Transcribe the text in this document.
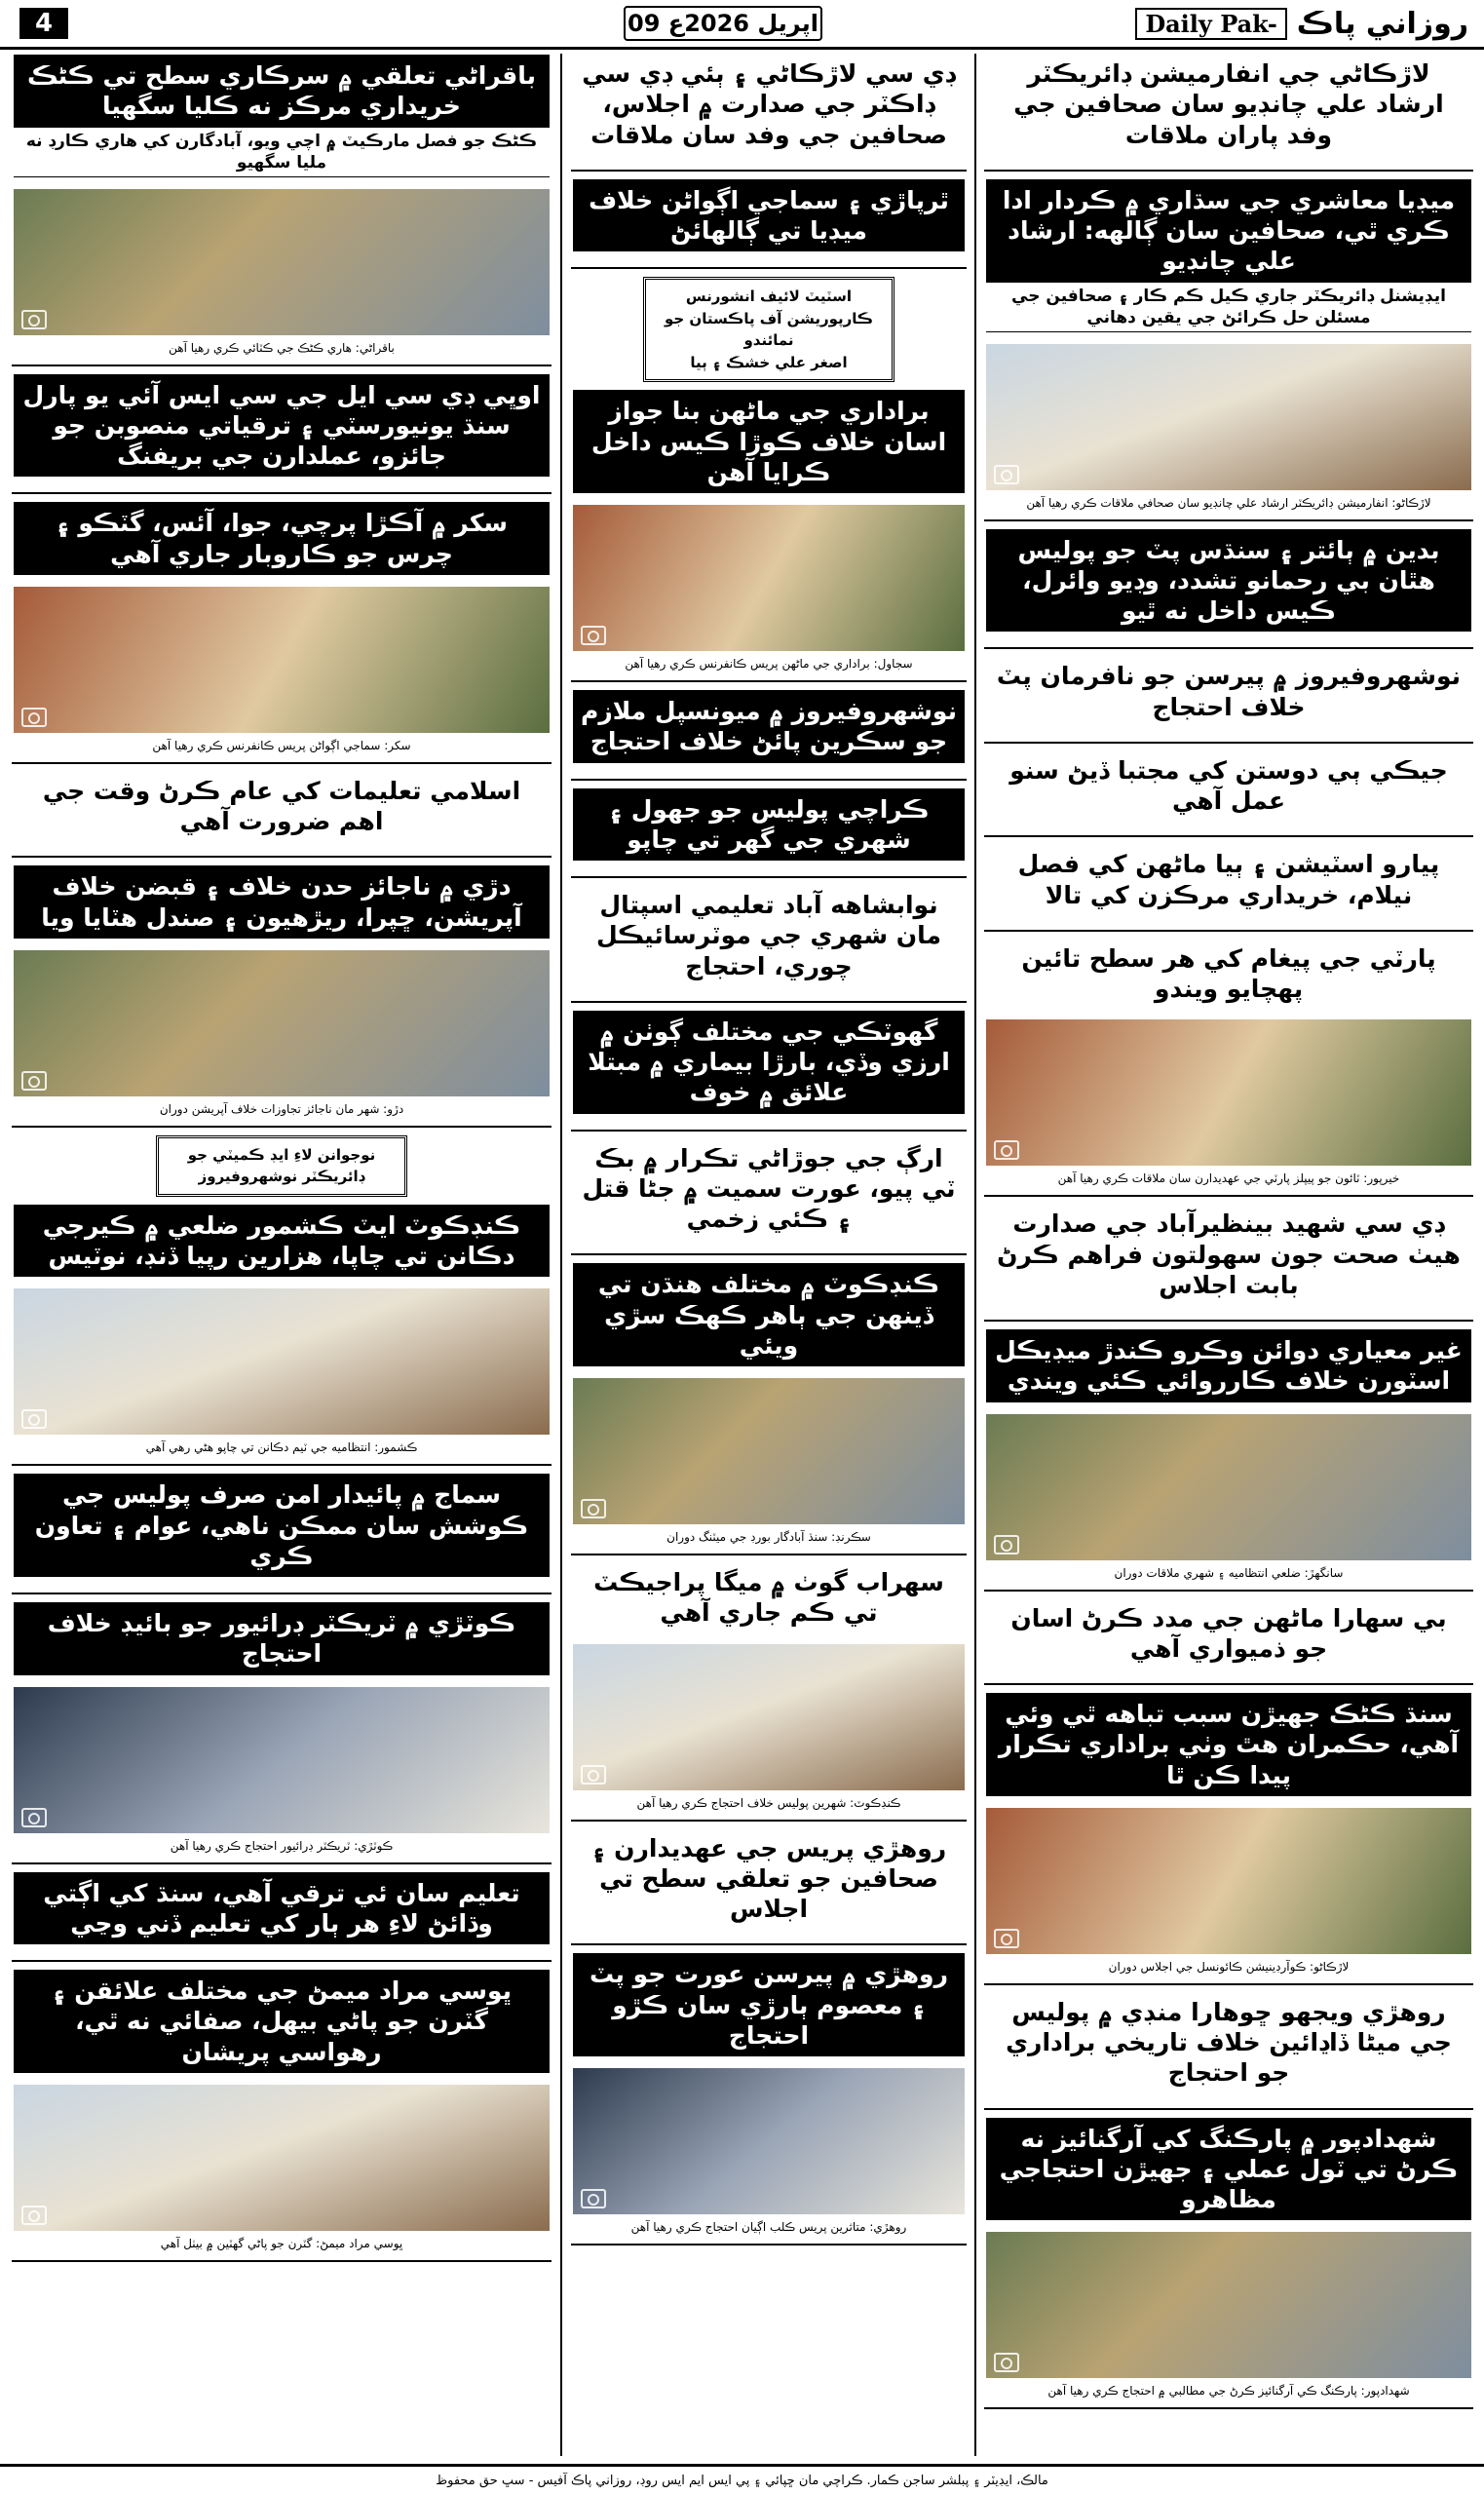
4	09 اپريل 2026ع	Daily Pak- روزاني پاڪ
باقراڻي تعلقي ۾ سرڪاري سطح تي ڪڻڪ خريداري مرڪز نه ڪليا سگهيا
ڪڻڪ جو فصل مارڪيٽ ۾ اچي ويو، آبادگارن کي هاري ڪارڊ نه مليا سگهيو
باقراڻي: هاري ڪڻڪ جي ڪٽائي ڪري رهيا آهن
اوڀي ڊي سي ايل جي سي ايس آئي يو پارل سنڌ يونيورسٽي ۽ ترقياتي منصوبن جو جائزو، عملدارن جي بريفنگ
سکر ۾ آڪڙا پرچي، جوا، آئس، گٽڪو ۽ چرس جو ڪاروبار جاري آهي
سکر: سماجي اڳواڻن پريس ڪانفرنس ڪري رهيا آهن
اسلامي تعليمات کي عام ڪرڻ وقت جي اهم ضرورت آهي
دڙي ۾ ناجائز حدن خلاف ۽ قبضن خلاف آپريشن، ڇپرا، ريڙهيون ۽ صندل هٽايا ويا
دڙو: شهر مان ناجائز تجاوزات خلاف آپريشن دوران
نوجوانن لاءِ ايڊ ڪميٽي جو ڊائريڪٽر نوشهروفيروز
ڪنڊڪوٽ ايٽ ڪشمور ضلعي ۾ ڪيرجي دڪانن تي چاپا، هزارين رپيا ڏنڊ، نوٽيس
ڪشمور: انتظاميه جي ٽيم دڪانن تي چاپو هڻي رهي آهي
سماج ۾ پائيدار امن صرف پوليس جي ڪوشش سان ممڪن ناهي، عوام ۽ تعاون ڪري
ڪوٽڙي ۾ ٽريڪٽر ڊرائيور جو بائيڊ خلاف احتجاج
ڪوٽڙي: ٽريڪٽر ڊرائيور احتجاج ڪري رهيا آهن
تعليم سان ئي ترقي آهي، سنڌ کي اڳتي وڌائڻ لاءِ هر ٻار کي تعليم ڏني وڃي
ڀوسي مراد ميمڻ جي مختلف علائقن ۽ گٽرن جو پاڻي بيهل، صفائي نه ٿي، رهواسي پريشان
ڀوسي مراد ميمڻ: گٽرن جو پاڻي گهٽين ۾ بيٺل آهي
ڊي سي لاڙڪاڻي ۽ ٻئي ڊي سي ڊاڪٽر جي صدارت ۾ اجلاس، صحافين جي وفد سان ملاقات
ٿرپاڙي ۽ سماجي اڳواڻن خلاف ميڊيا تي ڳالهائڻ
اسٽيٽ لائيف انشورنس ڪارپوريشن آف پاڪستان جو نمائندو
اصغر علي خشڪ ۽ ٻيا
براداري جي ماڻهن بنا جواز اسان خلاف ڪوڙا ڪيس داخل ڪرايا آهن
سجاول: براداري جي ماڻهن پريس ڪانفرنس ڪري رهيا آهن
نوشهروفيروز ۾ ميونسپل ملازم جو سڪرين پائڻ خلاف احتجاج
ڪراچي پوليس جو جهول ۽ شهري جي گهر تي چاپو
نوابشاهه آباد تعليمي اسپتال مان شهري جي موٽرسائيڪل چوري، احتجاج
گهوٽڪي جي مختلف ڳوٺن ۾ ارزي وڏي، بارڙا بيماري ۾ مبتلا علائق ۾ خوف
ارڳ جي جوڙاڻي تڪرار ۾ بڪ ٽي پيو، عورت سميت ۾ جڻا قتل ۽ ڪئي زخمي
ڪنڊڪوٽ ۾ مختلف هنڌن تي ڏينهن جي ٻاهر ڪهڪ سڙي ويئي
سڪرنڊ: سنڌ آبادگار بورڊ جي ميٽنگ دوران
سهراب گوٺ ۾ ميگا پراجيڪٽ تي ڪم جاري آهي
ڪنڊڪوٽ: شهرين پوليس خلاف احتجاج ڪري رهيا آهن
روهڙي پريس جي عهديدارن ۽ صحافين جو تعلقي سطح تي اجلاس
روهڙي ۾ پيرسن عورت جو پٽ ۽ معصوم ٻارڙي سان ڪڙو احتجاج
روهڙي: متاثرين پريس ڪلب اڳيان احتجاج ڪري رهيا آهن
لاڙڪاڻي جي انفارميشن ڊائريڪٽر ارشاد علي چانڊيو سان صحافين جي وفد پاران ملاقات
ميڊيا معاشري جي سڌاري ۾ ڪردار ادا ڪري ٿي، صحافين سان ڳالهه: ارشاد علي چانڊيو
ايڊيشنل ڊائريڪٽر جاري ڪيل ڪم ڪار ۽ صحافين جي مسئلن حل ڪرائڻ جي يقين دهاني
لاڙڪاڻو: انفارميشن ڊائريڪٽر ارشاد علي چانڊيو سان صحافي ملاقات ڪري رهيا آهن
بدين ۾ ٻائتر ۽ سنڌس پٽ جو پوليس هٿان بي رحمانو تشدد، وڊيو وائرل، ڪيس داخل نه ٿيو
نوشهروفيروز ۾ پيرسن جو نافرمان پٽ خلاف احتجاج
جيڪي ٻي دوستن کي مجتبا ڏيڻ سنو عمل آهي
پيارو اسٽيشن ۽ ٻيا ماڻهن کي فصل نيلام، خريداري مرڪزن کي تالا
پارٽي جي پيغام کي هر سطح تائين پهچايو ويندو
خيرپور: ٽائون جو پيپلز پارٽي جي عهديدارن سان ملاقات ڪري رهيا آهن
ڊي سي شهيد بينظيرآباد جي صدارت هيٺ صحت جون سهولتون فراهم ڪرڻ بابت اجلاس
غير معياري دوائن وڪرو ڪندڙ ميڊيڪل اسٽورن خلاف ڪارروائي ڪئي ويندي
سانگهڙ: ضلعي انتظاميه ۽ شهري ملاقات دوران
بي سهارا ماڻهن جي مدد ڪرڻ اسان جو ذميواري آهي
سنڌ ڪڻڪ جهيڙن سبب تباهه ٿي وئي آهي، حڪمران هٿ وٺي براداري تڪرار پيدا ڪن ٿا
لاڙڪاڻو: ڪوآرڊينيشن ڪائونسل جي اجلاس دوران
روهڙي ويجهو ڇوهارا منڊي ۾ پوليس جي ميڻا ڏاڍائين خلاف تاريخي براداري جو احتجاج
شهدادپور ۾ پارڪنگ کي آرگنائيز نه ڪرڻ تي ٽول عملي ۽ جهيڙن احتجاجي مظاهرو
شهدادپور: پارڪنگ ڪي آرگنائيز ڪرڻ جي مطالبي ۾ احتجاج ڪري رهيا آهن
مالڪ، ايڊيٽر ۽ پبلشر ساجن ڪمار. ڪراچي مان ڇپائي ۽ پي ايس ايم ايس روڊ، روزاني پاڪ آفيس - سڀ حق محفوظ
